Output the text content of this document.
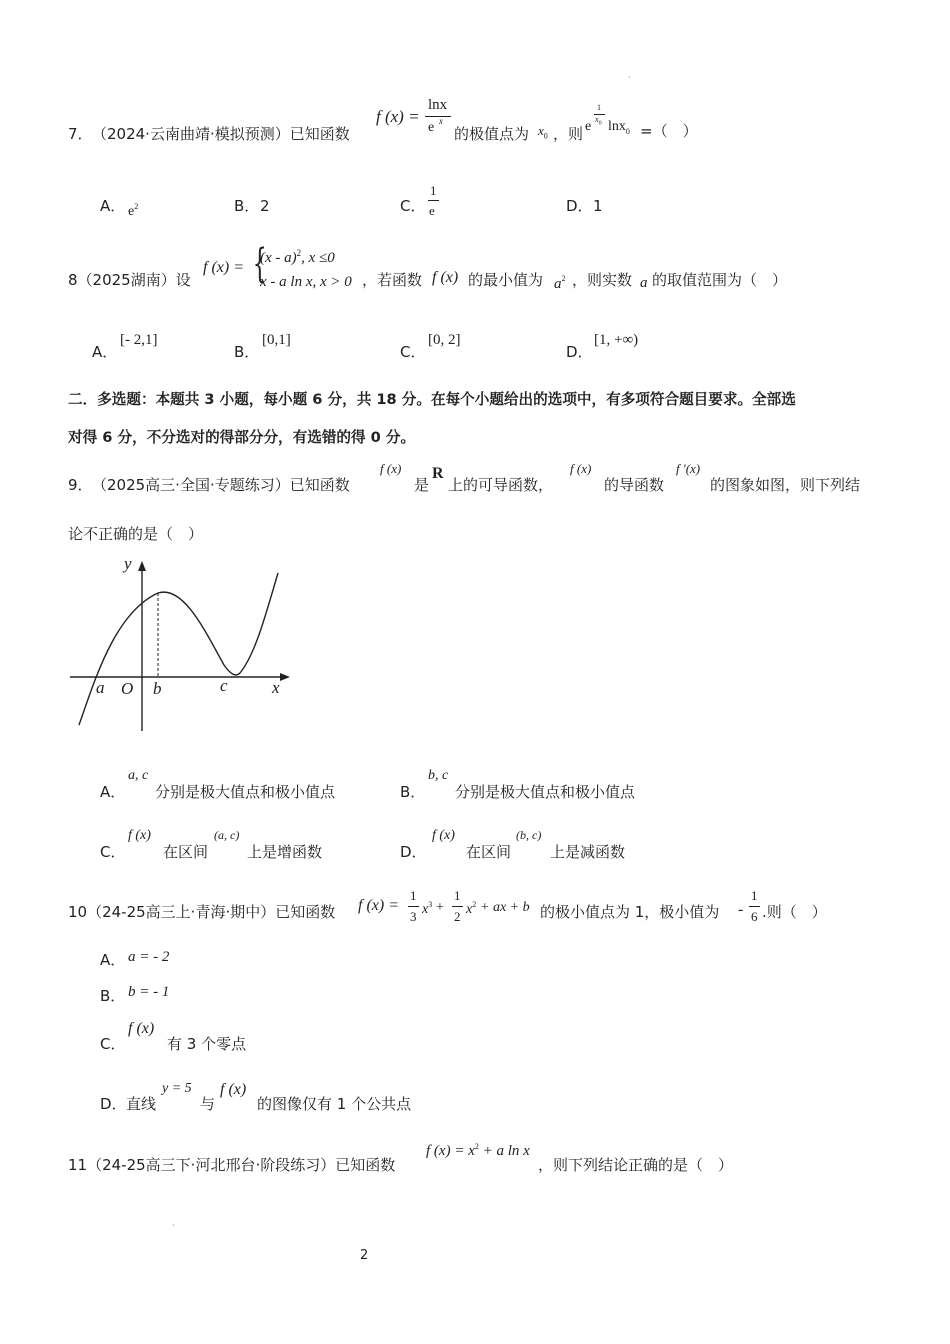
·
·
2
7． （2024·云南曲靖·模拟预测）已知函数
f (x) =
lnx
e x
的极值点为 $x_0$ ，则 e
1
$x_0$ lnx$_0$ =（　）
A． $e^2$	B． 2	C．
1
e	D． 1
8（2025湖南）设
f (x) = {
(x - a)$^2$, x ≤0
x - a ln x, x > 0 ，若函数 f (x) 的最小值为 $a^2$ ，则实数 a 的取值范围为（　）
A．
[- 2,1]
B．
[0,1]
C．
[0, 2]
D．
[1, +∞)
二．多选题：本题共 3 小题，每小题 6 分，共 18 分。在每个小题给出的选项中，有多项符合题目要求。全部选
对得 6 分，不分选对的得部分分，有选错的得 0 分。
9． （2025高三·全国·专题练习）已知函数
f (x)
是
R
上的可导函数，
f (x)
的导函数
f ′(x)
的图象如图，则下列结
论不正确的是（　）
y
x
a O b	c
A．
a, c
分别是极大值点和极小值点	B．
b, c
分别是极大值点和极小值点
C．
f (x)
在区间
(a, c)
上是增函数	D．
f (x)
在区间
(b, c)
上是减函数
10（24-25高三上·青海·期中）已知函数 f (x) =
1
3 $x^3$ +
1
2 $x^2$ + ax + b 的极小值点为 1，极小值为 -
1
6 .则（　）
A． a = - 2
B． b = - 1
C．
f (x)
有 3 个零点
D． 直线
y = 5
与
f (x)
的图像仅有 1 个公共点
11（24-25高三下·河北邢台·阶段练习）已知函数
f $(x) = x^2 + a$ ln x
，则下列结论正确的是（　）
